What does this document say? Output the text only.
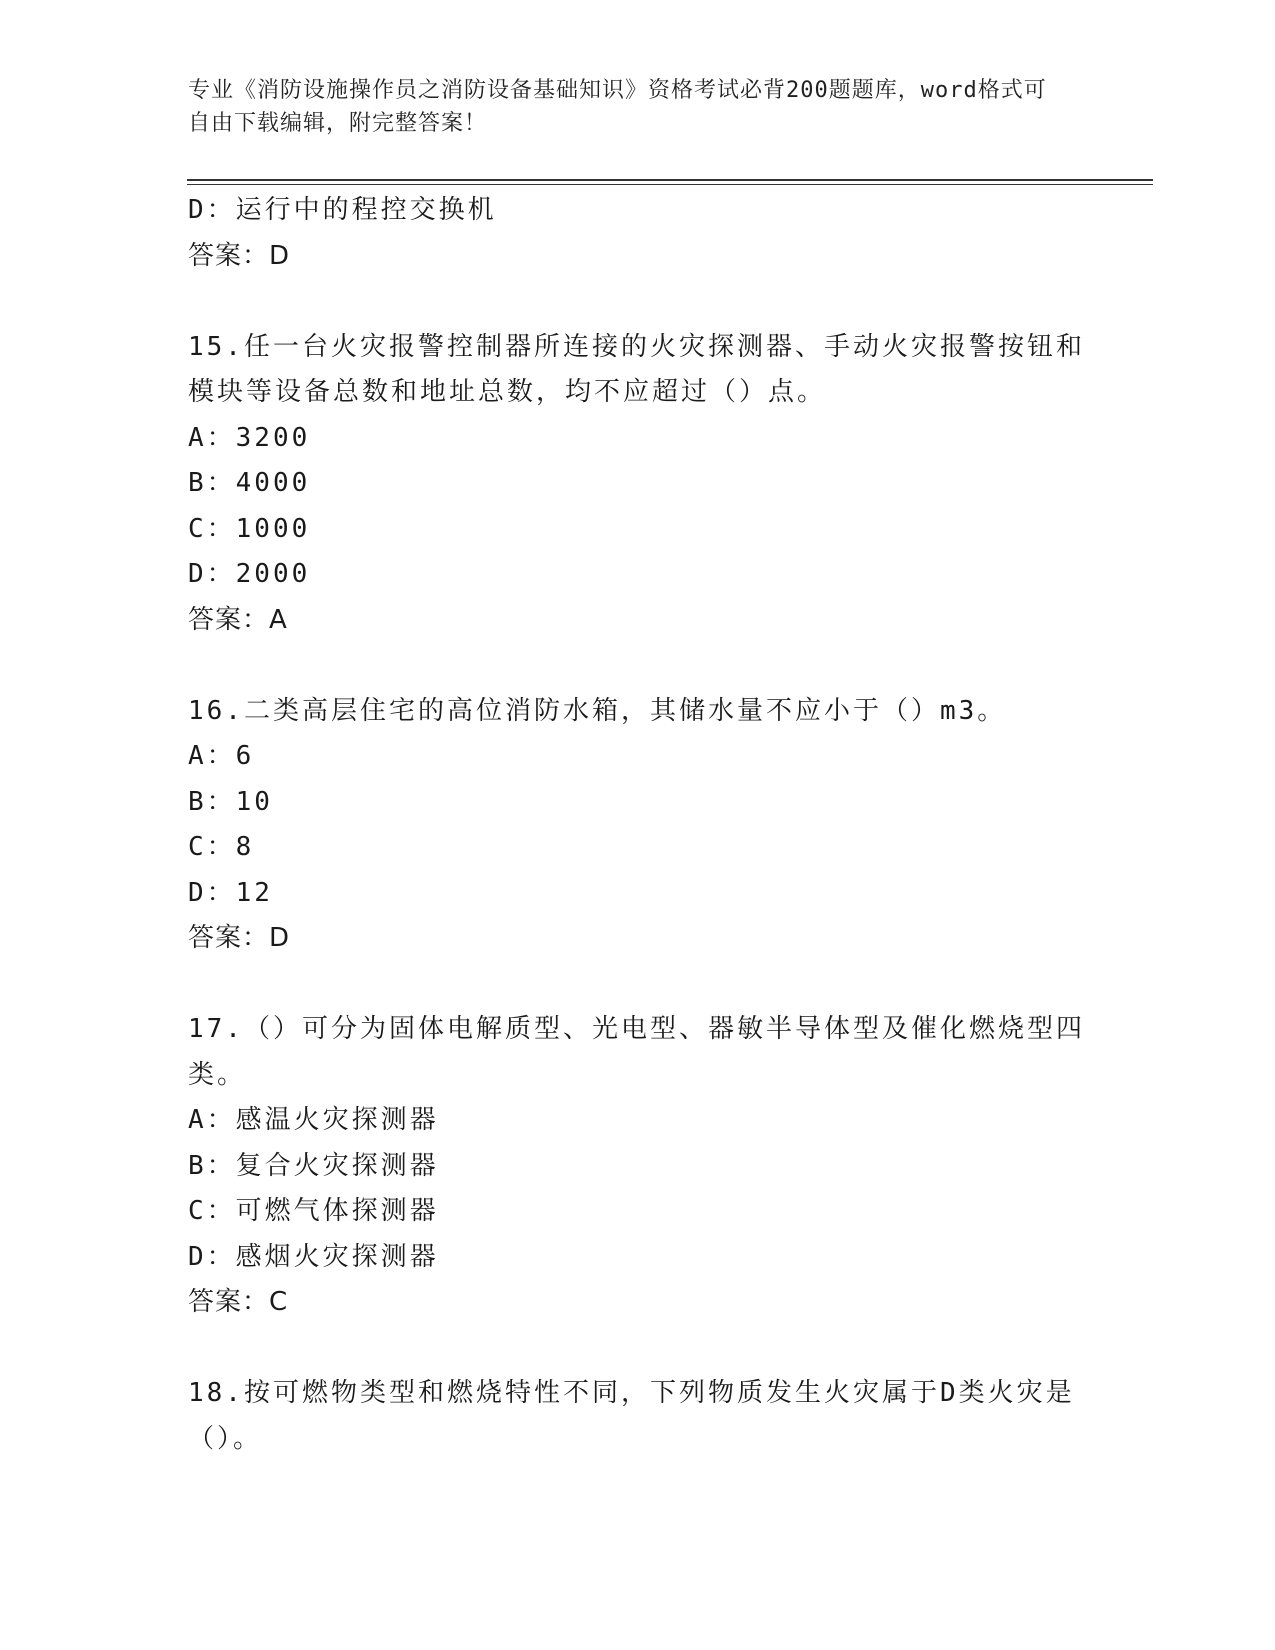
专业《消防设施操作员之消防设备基础知识》资格考试必背200题题库，word格式可自由下载编辑，附完整答案！

D：运行中的程控交换机

答案：D

15.任一台火灾报警控制器所连接的火灾探测器、手动火灾报警按钮和

模块等设备总数和地址总数，均不应超过（）点。

A：3200

B：4000

C：1000

D：2000

答案：A

16.二类高层住宅的高位消防水箱，其储水量不应小于（）m3。

A：6

B：10

C：8

D：12

答案：D

17.（）可分为固体电解质型、光电型、器敏半导体型及催化燃烧型四

类。

A：感温火灾探测器

B：复合火灾探测器

C：可燃气体探测器

D：感烟火灾探测器

答案：C

18.按可燃物类型和燃烧特性不同，下列物质发生火灾属于D类火灾是

（）。
